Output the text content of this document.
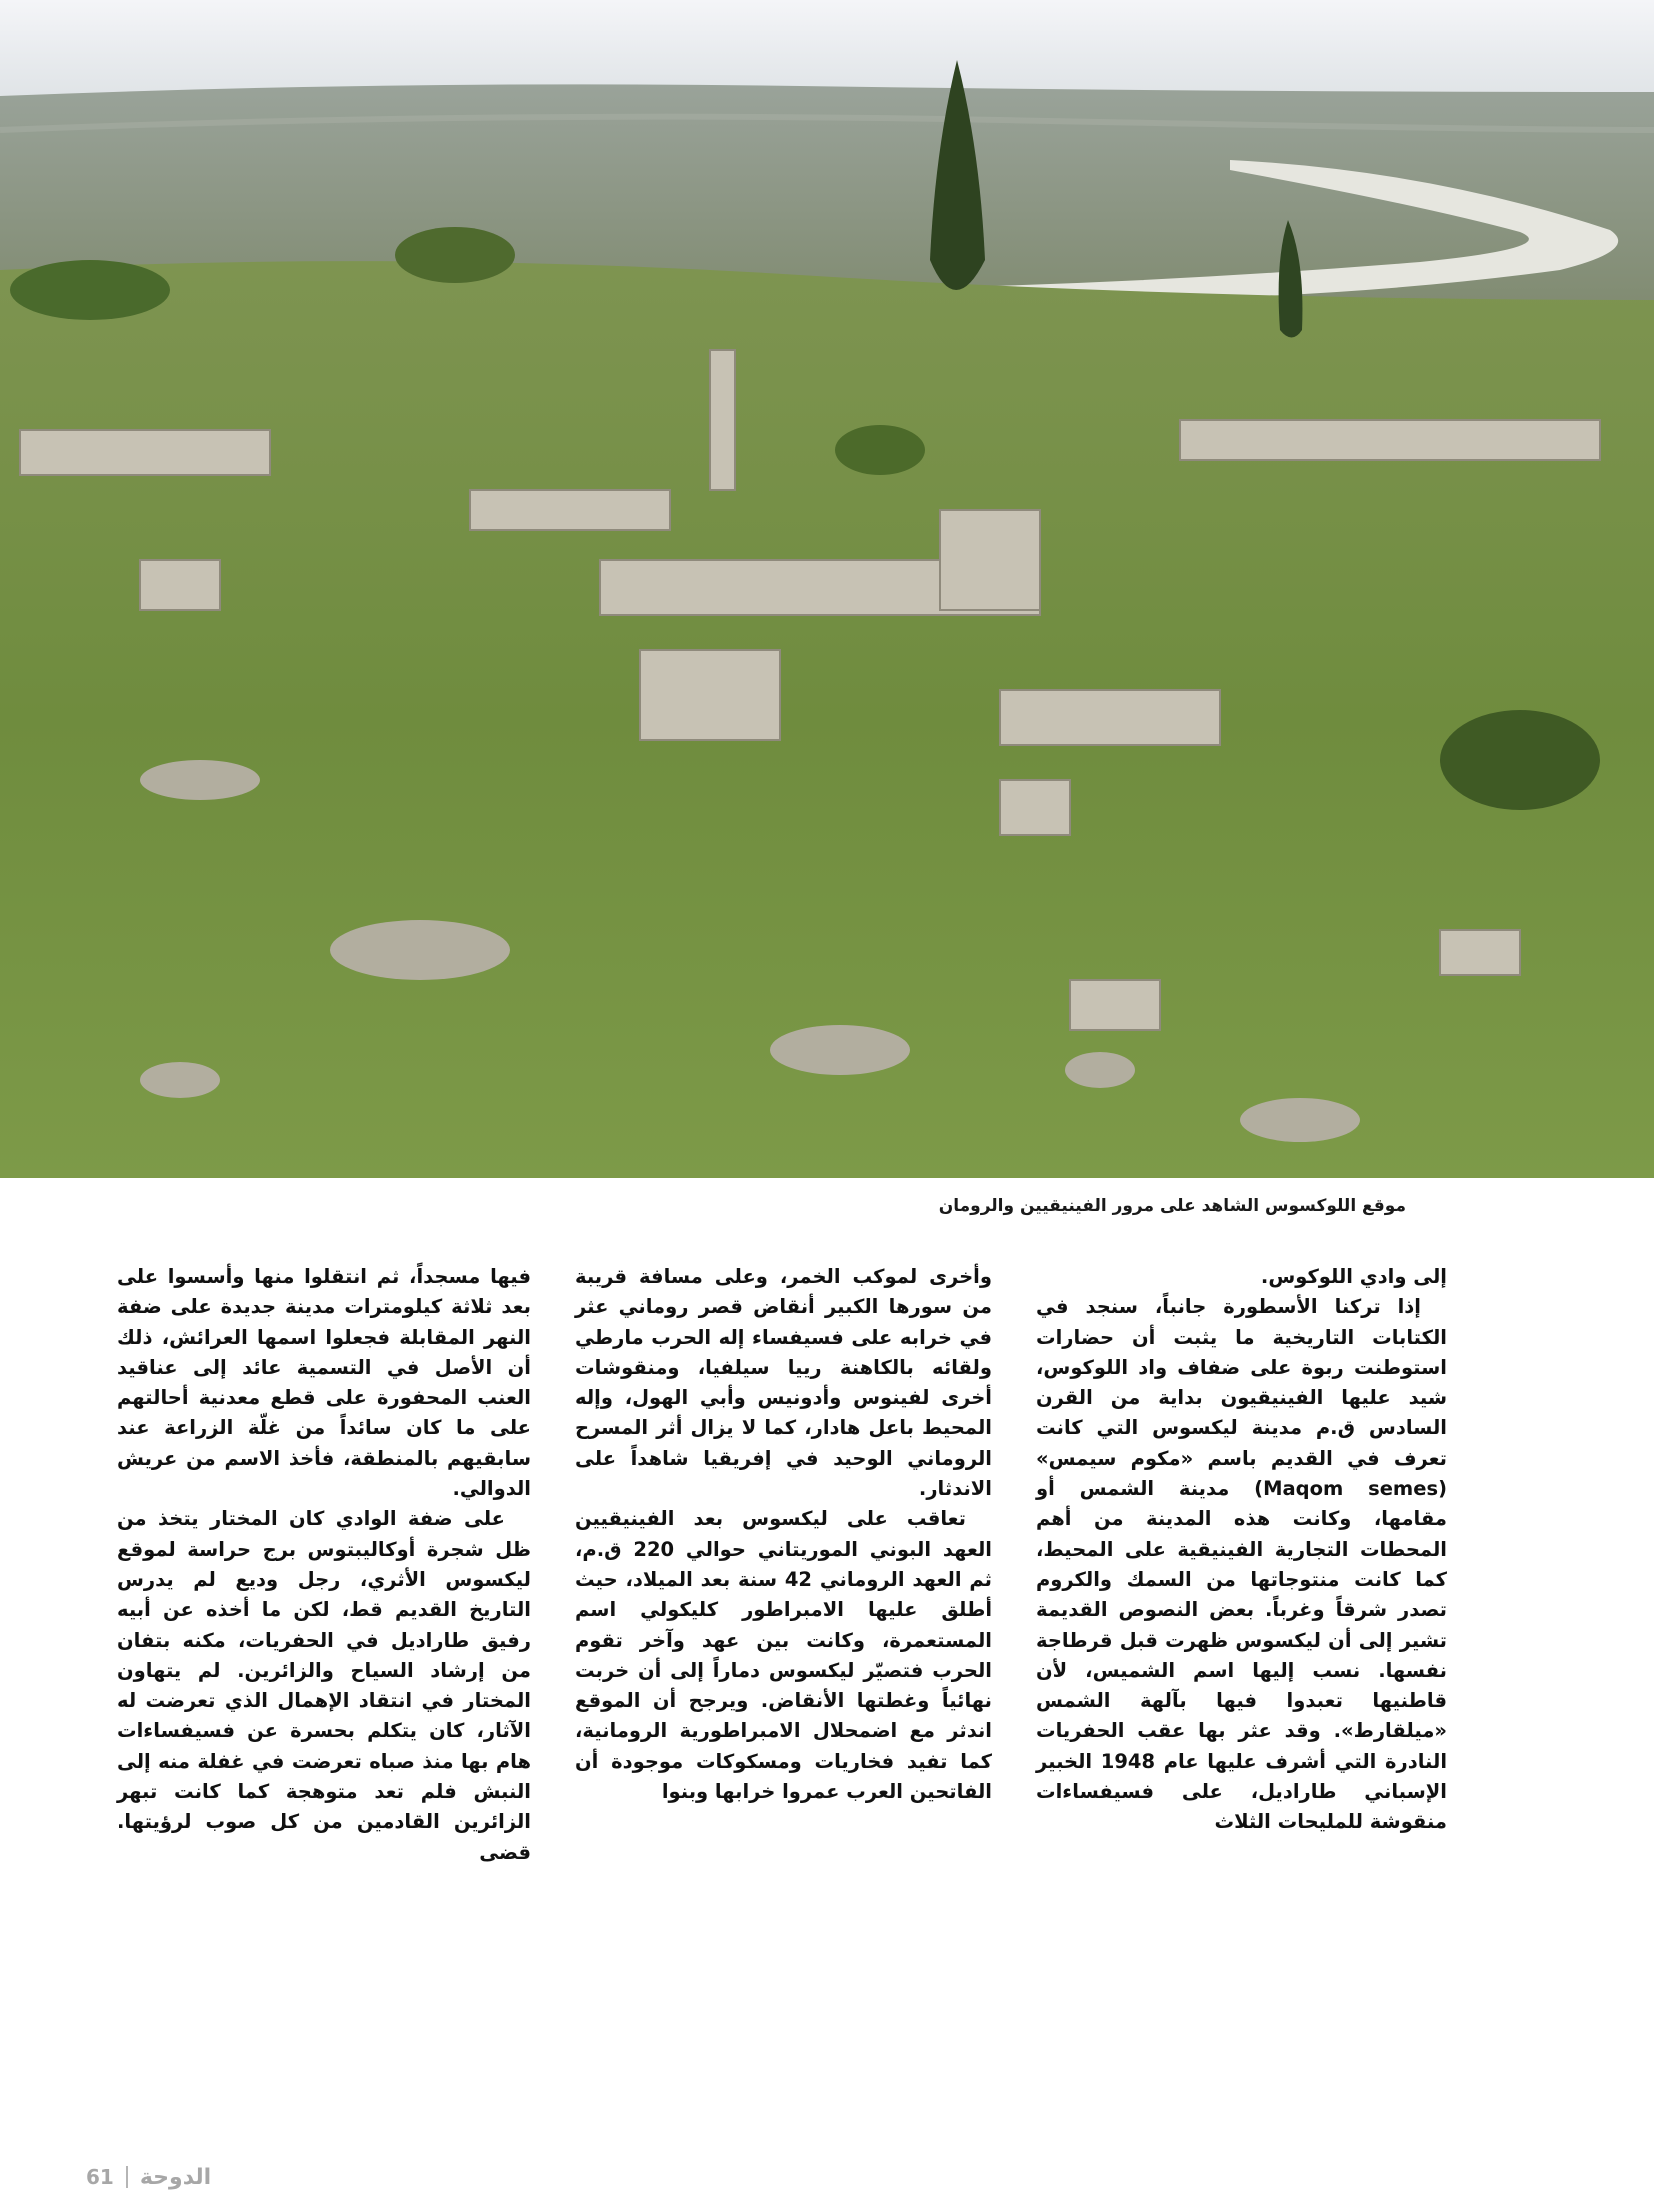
موقع اللوكسوس الشاهد على مرور الفينيقيين والرومان

إلى وادي اللوكوس.

إذا تركنا الأسطورة جانباً، سنجد في الكتابات التاريخية ما يثبت أن حضارات استوطنت ربوة على ضفاف واد اللوكوس، شيد عليها الفينيقيون بداية من القرن السادس ق.م مدينة ليكسوس التي كانت تعرف في القديم باسم «مكوم سيمس» (Maqom semes) مدينة الشمس أو مقامها، وكانت هذه المدينة من أهم المحطات التجارية الفينيقية على المحيط، كما كانت منتوجاتها من السمك والكروم تصدر شرقاً وغرباً. بعض النصوص القديمة تشير إلى أن ليكسوس ظهرت قبل قرطاجة نفسها. نسب إليها اسم الشميس، لأن قاطنيها تعبدوا فيها بآلهة الشمس «ميلقارط». وقد عثر بها عقب الحفريات النادرة التي أشرف عليها عام 1948 الخبير الإسباني طاراديل، على فسيفساءات منقوشة للمليحات الثلاث

وأخرى لموكب الخمر، وعلى مسافة قريبة من سورها الكبير أنقاض قصر روماني عثر في خرابه على فسيفساء إله الحرب مارطي ولقائه بالكاهنة رييا سيلفيا، ومنقوشات أخرى لفينوس وأدونيس وأبي الهول، وإله المحيط باعل هادار، كما لا يزال أثر المسرح الروماني الوحيد في إفريقيا شاهداً على الاندثار.

تعاقب على ليكسوس بعد الفينيقيين العهد البوني الموريتاني حوالي 220 ق.م، ثم العهد الروماني 42 سنة بعد الميلاد، حيث أطلق عليها الامبراطور كليكولي اسم المستعمرة، وكانت بين عهد وآخر تقوم الحرب فتصيّر ليكسوس دماراً إلى أن خربت نهائياً وغطتها الأنقاض. ويرجح أن الموقع اندثر مع اضمحلال الامبراطورية الرومانية، كما تفيد فخاريات ومسكوكات موجودة أن الفاتحين العرب عمروا خرابها وبنوا

فيها مسجداً، ثم انتقلوا منها وأسسوا على بعد ثلاثة كيلومترات مدينة جديدة على ضفة النهر المقابلة فجعلوا اسمها العرائش، ذلك أن الأصل في التسمية عائد إلى عناقيد العنب المحفورة على قطع معدنية أحالتهم على ما كان سائداً من غلّة الزراعة عند سابقيهم بالمنطقة، فأخذ الاسم من عريش الدوالي.

على ضفة الوادي كان المختار يتخذ من ظل شجرة أوكاليبتوس برج حراسة لموقع ليكسوس الأثري، رجل وديع لم يدرس التاريخ القديم قط، لكن ما أخذه عن أبيه رفيق طاراديل في الحفريات، مكنه بتفان من إرشاد السياح والزائرين. لم يتهاون المختار في انتقاد الإهمال الذي تعرضت له الآثار، كان يتكلم بحسرة عن فسيفساءات هام بها منذ صباه تعرضت في غفلة منه إلى النبش فلم تعد متوهجة كما كانت تبهر الزائرين القادمين من كل صوب لرؤيتها. قضى

61 الدوحة
